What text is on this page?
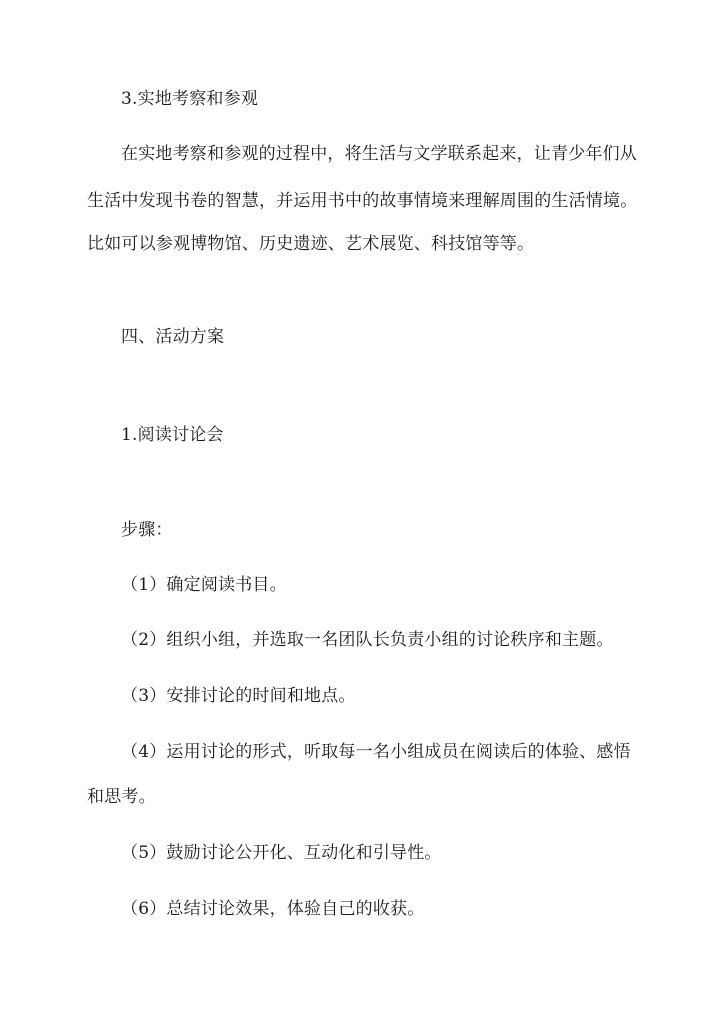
3.实地考察和参观
在实地考察和参观的过程中，将生活与文学联系起来，让青少年们从
生活中发现书卷的智慧，并运用书中的故事情境来理解周围的生活情境。
比如可以参观博物馆、历史遗迹、艺术展览、科技馆等等。
四、活动方案
1.阅读讨论会
步骤：
（1）确定阅读书目。
（2）组织小组，并选取一名团队长负责小组的讨论秩序和主题。
（3）安排讨论的时间和地点。
（4）运用讨论的形式，听取每一名小组成员在阅读后的体验、感悟
和思考。
（5）鼓励讨论公开化、互动化和引导性。
（6）总结讨论效果，体验自己的收获。
